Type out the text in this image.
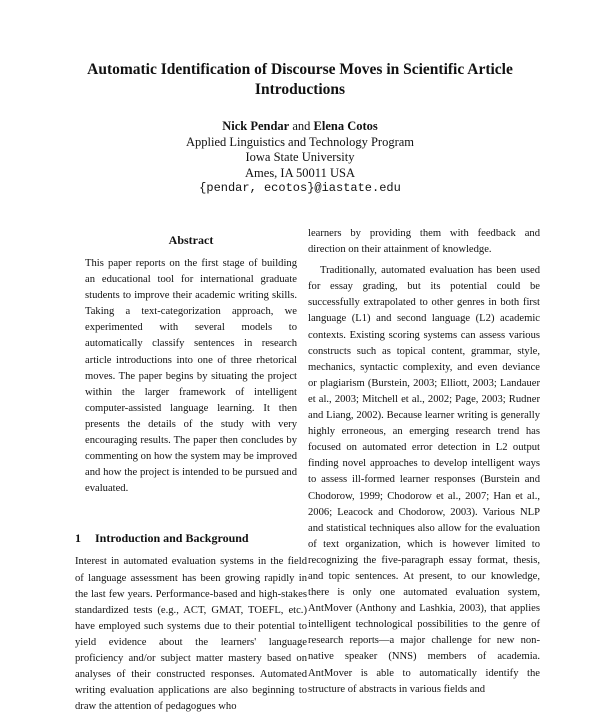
Automatic Identification of Discourse Moves in Scientific Article Introductions
Nick Pendar and Elena Cotos
Applied Linguistics and Technology Program
Iowa State University
Ames, IA 50011 USA
{pendar, ecotos}@iastate.edu
Abstract

This paper reports on the first stage of building an educational tool for international graduate students to improve their academic writing skills. Taking a text-categorization approach, we experimented with several models to automatically classify sentences in research article introductions into one of three rhetorical moves. The paper begins by situating the project within the larger framework of intelligent computer-assisted language learning. It then presents the details of the study with very encouraging results. The paper then concludes by commenting on how the system may be improved and how the project is intended to be pursued and evaluated.

1 Introduction and Background

Interest in automated evaluation systems in the field of language assessment has been growing rapidly in the last few years. Performance-based and high-stakes standardized tests (e.g., ACT, GMAT, TOEFL, etc.) have employed such systems due to their potential to yield evidence about the learners' language proficiency and/or subject matter mastery based on analyses of their constructed responses. Automated writing evaluation applications are also beginning to draw the attention of pedagogues who

learners by providing them with feedback and direction on their attainment of knowledge.

Traditionally, automated evaluation has been used for essay grading, but its potential could be successfully extrapolated to other genres in both first language (L1) and second language (L2) academic contexts. Existing scoring systems can assess various constructs such as topical content, grammar, style, mechanics, syntactic complexity, and even deviance or plagiarism (Burstein, 2003; Elliott, 2003; Landauer et al., 2003; Mitchell et al., 2002; Page, 2003; Rudner and Liang, 2002). Because learner writing is generally highly erroneous, an emerging research trend has focused on automated error detection in L2 output finding novel approaches to develop intelligent ways to assess ill-formed learner responses (Burstein and Chodorow, 1999; Chodorow et al., 2007; Han et al., 2006; Leacock and Chodorow, 2003). Various NLP and statistical techniques also allow for the evaluation of text organization, which is however limited to recognizing the five-paragraph essay format, thesis, and topic sentences. At present, to our knowledge, there is only one automated evaluation system, AntMover (Anthony and Lashkia, 2003), that applies intelligent technological possibilities to the genre of research reports—a major challenge for new non-native speaker (NNS) members of academia. AntMover is able to automatically identify the structure of abstracts in various fields and
